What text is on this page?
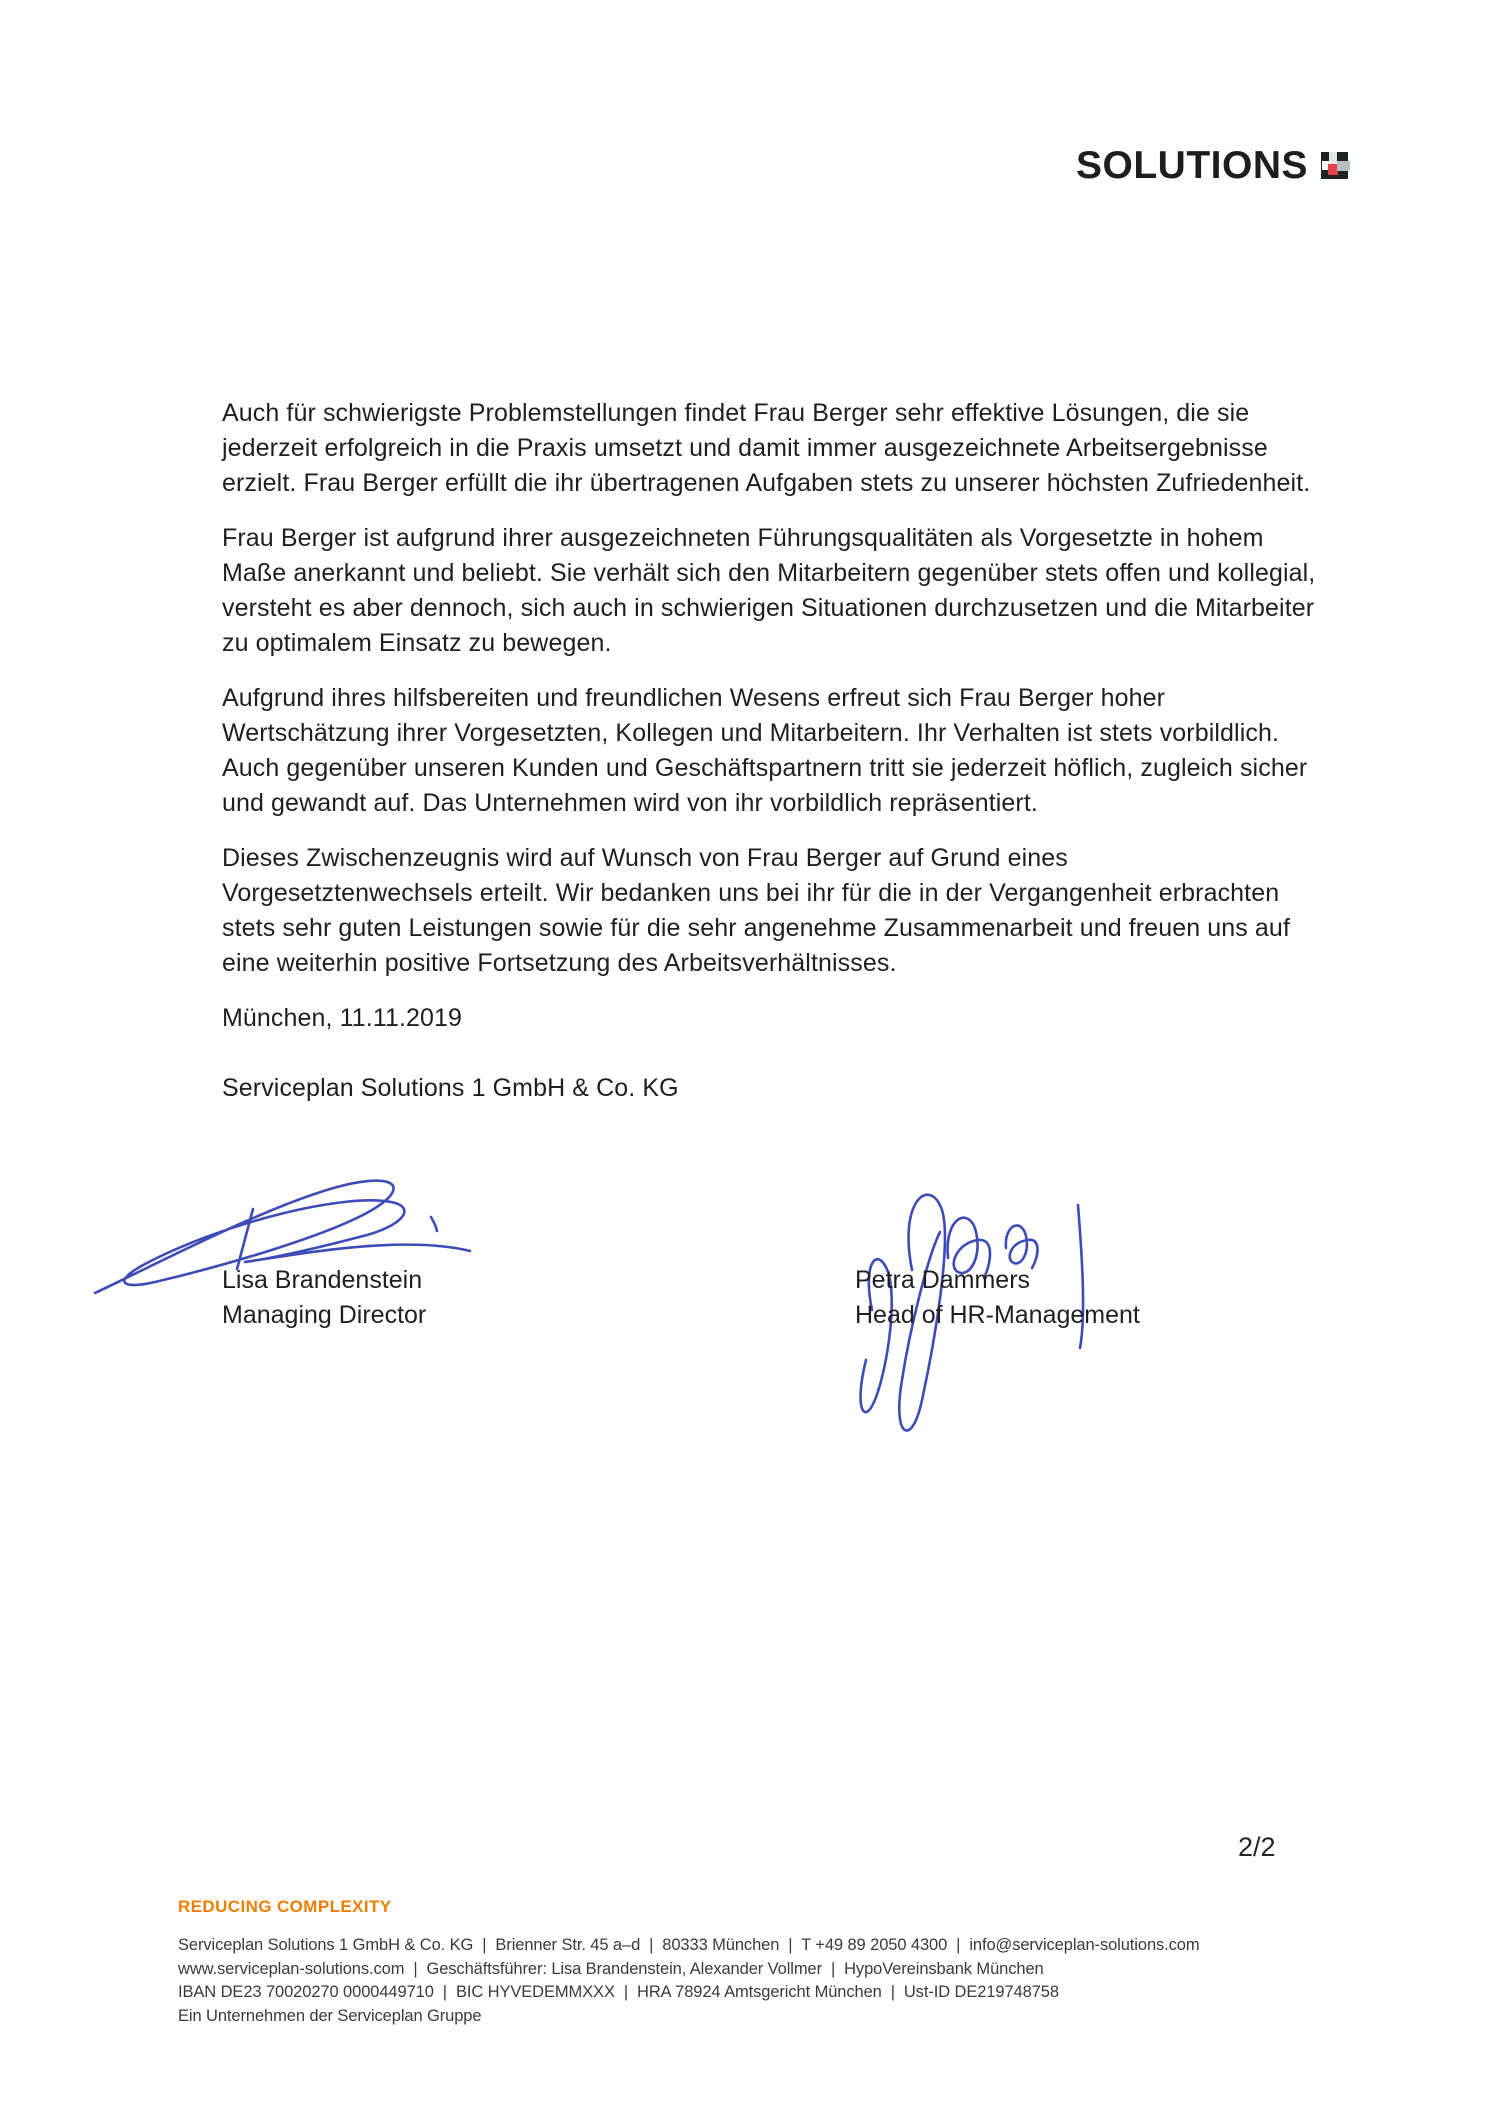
SOLUTIONS

Auch für schwierigste Problemstellungen findet Frau Berger sehr effektive Lösungen, die sie jederzeit erfolgreich in die Praxis umsetzt und damit immer ausgezeichnete Arbeitsergebnisse erzielt. Frau Berger erfüllt die ihr übertragenen Aufgaben stets zu unserer höchsten Zufriedenheit.

Frau Berger ist aufgrund ihrer ausgezeichneten Führungsqualitäten als Vorgesetzte in hohem Maße anerkannt und beliebt. Sie verhält sich den Mitarbeitern gegenüber stets offen und kollegial, versteht es aber dennoch, sich auch in schwierigen Situationen durchzusetzen und die Mitarbeiter zu optimalem Einsatz zu bewegen.

Aufgrund ihres hilfsbereiten und freundlichen Wesens erfreut sich Frau Berger hoher Wertschätzung ihrer Vorgesetzten, Kollegen und Mitarbeitern. Ihr Verhalten ist stets vorbildlich. Auch gegenüber unseren Kunden und Geschäftspartnern tritt sie jederzeit höflich, zugleich sicher und gewandt auf. Das Unternehmen wird von ihr vorbildlich repräsentiert.

Dieses Zwischenzeugnis wird auf Wunsch von Frau Berger auf Grund eines Vorgesetztenwechsels erteilt. Wir bedanken uns bei ihr für die in der Vergangenheit erbrachten stets sehr guten Leistungen sowie für die sehr angenehme Zusammenarbeit und freuen uns auf eine weiterhin positive Fortsetzung des Arbeitsverhältnisses.

München, 11.11.2019
Serviceplan Solutions 1 GmbH & Co. KG
Lisa Brandenstein
Managing Director
Petra Dammers
Head of HR-Management
2/2
REDUCING COMPLEXITY
Serviceplan Solutions 1 GmbH & Co. KG  |  Brienner Str. 45 a–d  |  80333 München  |  T +49 89 2050 4300  |  info@serviceplan-solutions.com
www.serviceplan-solutions.com  |  Geschäftsführer: Lisa Brandenstein, Alexander Vollmer  |  HypoVereinsbank München
IBAN DE23 70020270 0000449710  |  BIC HYVEDEMMXXX  |  HRA 78924 Amtsgericht München  |  Ust-ID DE219748758
Ein Unternehmen der Serviceplan Gruppe
